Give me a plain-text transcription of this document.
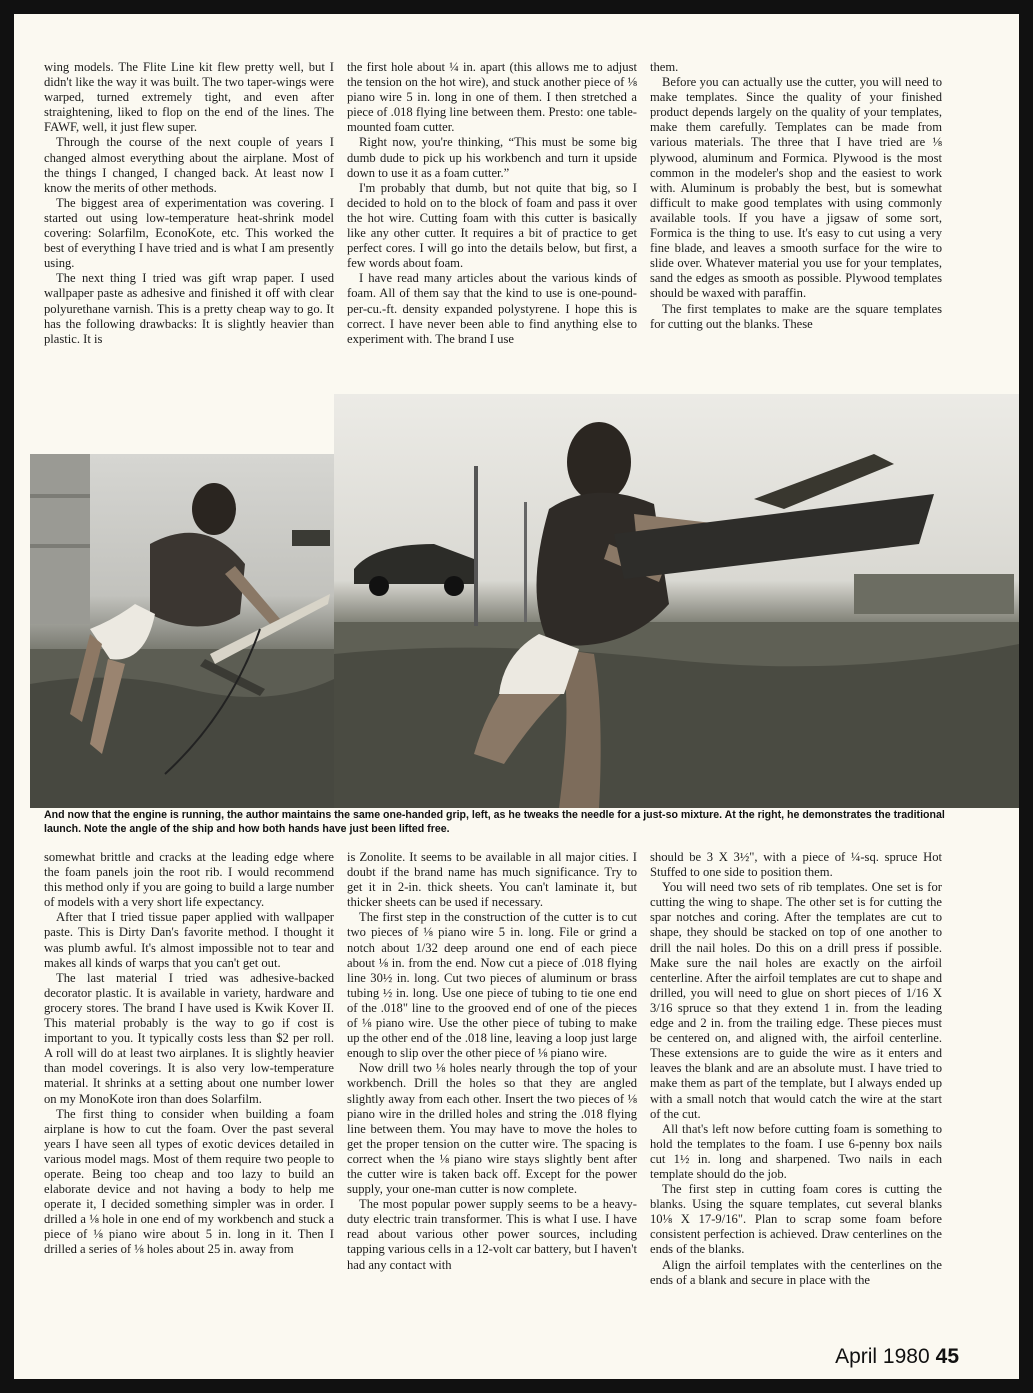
wing models. The Flite Line kit flew pretty well, but I didn't like the way it was built. The two taper-wings were warped, turned extremely tight, and even after straightening, liked to flop on the end of the lines. The FAWF, well, it just flew super.

Through the course of the next couple of years I changed almost everything about the airplane. Most of the things I changed, I changed back. At least now I know the merits of other methods.

The biggest area of experimentation was covering. I started out using low-temperature heat-shrink model covering: Solarfilm, EconoKote, etc. This worked the best of everything I have tried and is what I am presently using.

The next thing I tried was gift wrap paper. I used wallpaper paste as adhesive and finished it off with clear polyurethane varnish. This is a pretty cheap way to go. It has the following drawbacks: It is slightly heavier than plastic. It is

the first hole about ¼ in. apart (this allows me to adjust the tension on the hot wire), and stuck another piece of ⅛ piano wire 5 in. long in one of them. I then stretched a piece of .018 flying line between them. Presto: one table-mounted foam cutter.

Right now, you're thinking, “This must be some big dumb dude to pick up his workbench and turn it upside down to use it as a foam cutter.”

I'm probably that dumb, but not quite that big, so I decided to hold on to the block of foam and pass it over the hot wire. Cutting foam with this cutter is basically like any other cutter. It requires a bit of practice to get perfect cores. I will go into the details below, but first, a few words about foam.

I have read many articles about the various kinds of foam. All of them say that the kind to use is one-pound-per-cu.-ft. density expanded polystyrene. I hope this is correct. I have never been able to find anything else to experiment with. The brand I use

them.

Before you can actually use the cutter, you will need to make templates. Since the quality of your finished product depends largely on the quality of your templates, make them carefully. Templates can be made from various materials. The three that I have tried are ⅛ plywood, aluminum and Formica. Plywood is the most common in the modeler's shop and the easiest to work with. Aluminum is probably the best, but is somewhat difficult to make good templates with using commonly available tools. If you have a jigsaw of some sort, Formica is the thing to use. It's easy to cut using a very fine blade, and leaves a smooth surface for the wire to slide over. Whatever material you use for your templates, sand the edges as smooth as possible. Plywood templates should be waxed with paraffin.

The first templates to make are the square templates for cutting out the blanks. These

And now that the engine is running, the author maintains the same one-handed grip, left, as he tweaks the needle for a just-so mixture. At the right, he demonstrates the traditional launch. Note the angle of the ship and how both hands have just been lifted free.

somewhat brittle and cracks at the leading edge where the foam panels join the root rib. I would recommend this method only if you are going to build a large number of models with a very short life expectancy.

After that I tried tissue paper applied with wallpaper paste. This is Dirty Dan's favorite method. I thought it was plumb awful. It's almost impossible not to tear and makes all kinds of warps that you can't get out.

The last material I tried was adhesive-backed decorator plastic. It is available in variety, hardware and grocery stores. The brand I have used is Kwik Kover II. This material probably is the way to go if cost is important to you. It typically costs less than $2 per roll. A roll will do at least two airplanes. It is slightly heavier than model coverings. It is also very low-temperature material. It shrinks at a setting about one number lower on my MonoKote iron than does Solarfilm.

The first thing to consider when building a foam airplane is how to cut the foam. Over the past several years I have seen all types of exotic devices detailed in various model mags. Most of them require two people to operate. Being too cheap and too lazy to build an elaborate device and not having a body to help me operate it, I decided something simpler was in order. I drilled a ⅛ hole in one end of my workbench and stuck a piece of ⅛ piano wire about 5 in. long in it. Then I drilled a series of ⅛ holes about 25 in. away from

is Zonolite. It seems to be available in all major cities. I doubt if the brand name has much significance. Try to get it in 2-in. thick sheets. You can't laminate it, but thicker sheets can be used if necessary.

The first step in the construction of the cutter is to cut two pieces of ⅛ piano wire 5 in. long. File or grind a notch about 1/32 deep around one end of each piece about ⅛ in. from the end. Now cut a piece of .018 flying line 30½ in. long. Cut two pieces of aluminum or brass tubing ½ in. long. Use one piece of tubing to tie one end of the .018" line to the grooved end of one of the pieces of ⅛ piano wire. Use the other piece of tubing to make up the other end of the .018 line, leaving a loop just large enough to slip over the other piece of ⅛ piano wire.

Now drill two ⅛ holes nearly through the top of your workbench. Drill the holes so that they are angled slightly away from each other. Insert the two pieces of ⅛ piano wire in the drilled holes and string the .018 flying line between them. You may have to move the holes to get the proper tension on the cutter wire. The spacing is correct when the ⅛ piano wire stays slightly bent after the cutter wire is taken back off. Except for the power supply, your one-man cutter is now complete.

The most popular power supply seems to be a heavy-duty electric train transformer. This is what I use. I have read about various other power sources, including tapping various cells in a 12-volt car battery, but I haven't had any contact with

should be 3 X 3½", with a piece of ¼-sq. spruce Hot Stuffed to one side to position them.

You will need two sets of rib templates. One set is for cutting the wing to shape. The other set is for cutting the spar notches and coring. After the templates are cut to shape, they should be stacked on top of one another to drill the nail holes. Do this on a drill press if possible. Make sure the nail holes are exactly on the airfoil centerline. After the airfoil templates are cut to shape and drilled, you will need to glue on short pieces of 1/16 X 3/16 spruce so that they extend 1 in. from the leading edge and 2 in. from the trailing edge. These pieces must be centered on, and aligned with, the airfoil centerline. These extensions are to guide the wire as it enters and leaves the blank and are an absolute must. I have tried to make them as part of the template, but I always ended up with a small notch that would catch the wire at the start of the cut.

All that's left now before cutting foam is something to hold the templates to the foam. I use 6-penny box nails cut 1½ in. long and sharpened. Two nails in each template should do the job.

The first step in cutting foam cores is cutting the blanks. Using the square templates, cut several blanks 10⅛ X 17-9/16". Plan to scrap some foam before consistent perfection is achieved. Draw centerlines on the ends of the blanks.

Align the airfoil templates with the centerlines on the ends of a blank and secure in place with the

April 1980 45
